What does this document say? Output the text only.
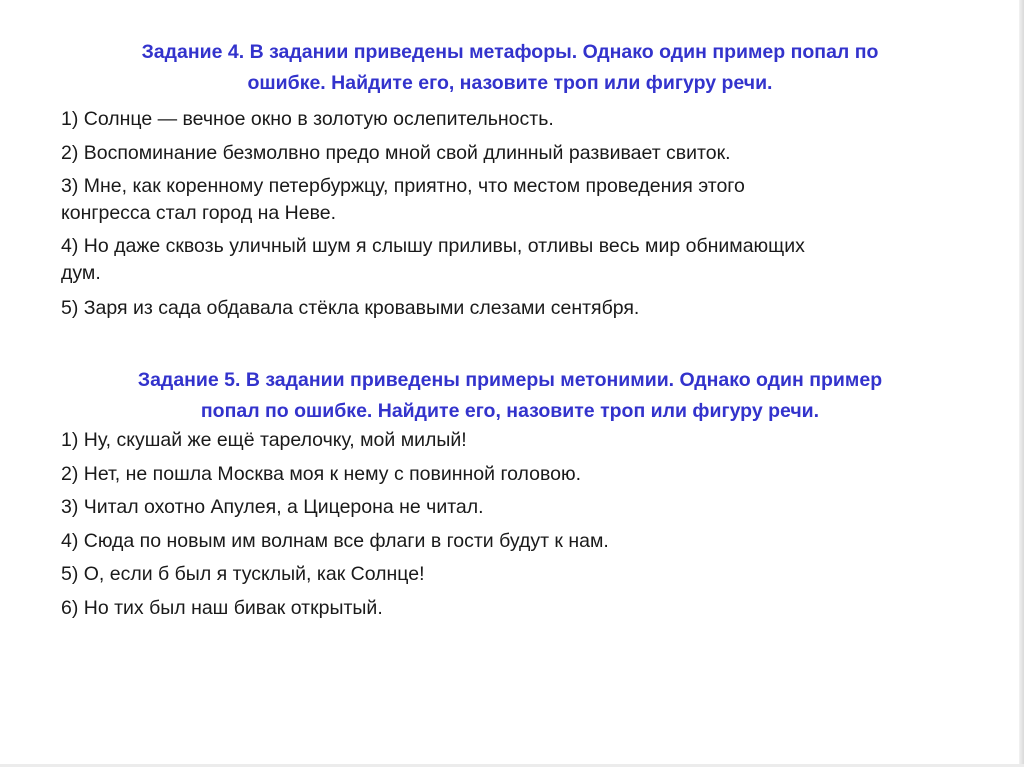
Задание 4. В задании приведены метафоры. Однако один пример попал по
ошибке. Найдите его, назовите троп или фигуру речи.
1) Солнце — вечное окно в золотую ослепительность.
2) Воспоминание безмолвно предо мной свой длинный развивает свиток.
3) Мне, как коренному петербуржцу, приятно, что местом проведения этого
конгресса стал город на Неве.
4) Но даже сквозь уличный шум я слышу приливы, отливы весь мир обнимающих
дум.
5) Заря из сада обдавала стёкла кровавыми слезами сентября.
Задание 5. В задании приведены примеры метонимии. Однако один пример
попал по ошибке. Найдите его, назовите троп или фигуру речи.
1) Ну, скушай же ещё тарелочку, мой милый!
2) Нет, не пошла Москва моя к нему с повинной головою.
3) Читал охотно Апулея, а Цицерона не читал.
4) Сюда по новым им волнам все флаги в гости будут к нам.
5) О, если б был я тусклый, как Солнце!
6) Но тих был наш бивак открытый.
